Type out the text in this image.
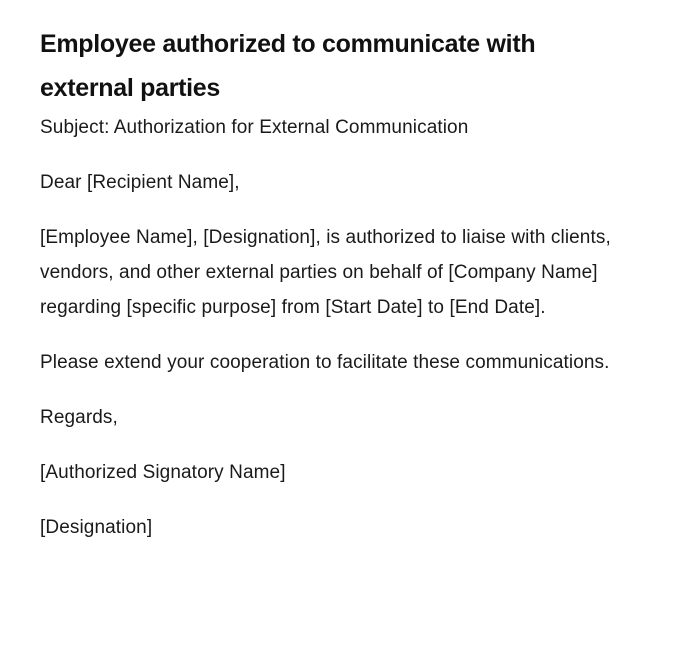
Employee authorized to communicate with external parties

Subject: Authorization for External Communication

Dear [Recipient Name],

[Employee Name], [Designation], is authorized to liaise with clients, vendors, and other external parties on behalf of [Company Name] regarding [specific purpose] from [Start Date] to [End Date].

Please extend your cooperation to facilitate these communications.

Regards,

[Authorized Signatory Name]

[Designation]
